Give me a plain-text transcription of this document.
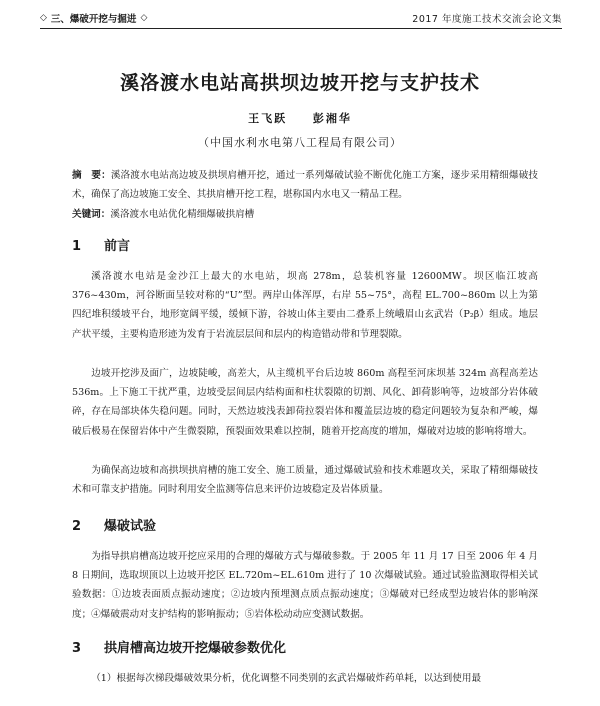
◇ 三、爆破开挖与掘进 ◇	2017 年度施工技术交流会论文集
溪洛渡水电站高拱坝边坡开挖与支护技术
王飞跃 彭湘华
（中国水利水电第八工程局有限公司）
摘　要：溪洛渡水电站高边坡及拱坝肩槽开挖，通过一系列爆破试验不断优化施工方案，逐步采用精细爆破技术，确保了高边坡施工安全、其拱肩槽开挖工程，堪称国内水电又一精品工程。
关键词：溪洛渡水电站优化精细爆破拱肩槽
1 前言
溪洛渡水电站是金沙江上最大的水电站，坝高 278m，总装机容量 12600MW。坝区临江坡高 376~430m，河谷断面呈较对称的“U”型。两岸山体浑厚，右岸 55~75°，高程 EL.700~860m 以上为第四纪堆积缓坡平台，地形宽阔平缓，缓倾下游，谷坡山体主要由二叠系上统峨眉山玄武岩（P₂β）组成。地层产状平缓，主要构造形迹为发育于岩流层层间和层内的构造错动带和节理裂隙。
边坡开挖涉及面广，边坡陡峻，高差大，从主缆机平台后边坡 860m 高程至河床坝基 324m 高程高差达 536m。上下施工干扰严重，边坡受层间层内结构面和柱状裂隙的切割、风化、卸荷影响等，边坡部分岩体破碎，存在局部块体失稳问题。同时，天然边坡浅表卸荷拉裂岩体和覆盖层边坡的稳定问题较为复杂和严峻，爆破后极易在保留岩体中产生微裂隙，预裂面效果难以控制，随着开挖高度的增加，爆破对边坡的影响将增大。
为确保高边坡和高拱坝拱肩槽的施工安全、施工质量，通过爆破试验和技术难题攻关，采取了精细爆破技术和可靠支护措施。同时利用安全监测等信息来评价边坡稳定及岩体质量。
2 爆破试验
为指导拱肩槽高边坡开挖应采用的合理的爆破方式与爆破参数。于 2005 年 11 月 17 日至 2006 年 4 月 8 日期间，选取坝顶以上边坡开挖区 EL.720m~EL.610m 进行了 10 次爆破试验。通过试验监测取得相关试验数据：①边坡表面质点振动速度；②边坡内预埋测点质点振动速度；③爆破对已经成型边坡岩体的影响深度；④爆破震动对支护结构的影响振动；⑤岩体松动动应变测试数据。
3 拱肩槽高边坡开挖爆破参数优化
（1）根据每次梯段爆破效果分析，优化调整不同类别的玄武岩爆破炸药单耗，以达到使用最
